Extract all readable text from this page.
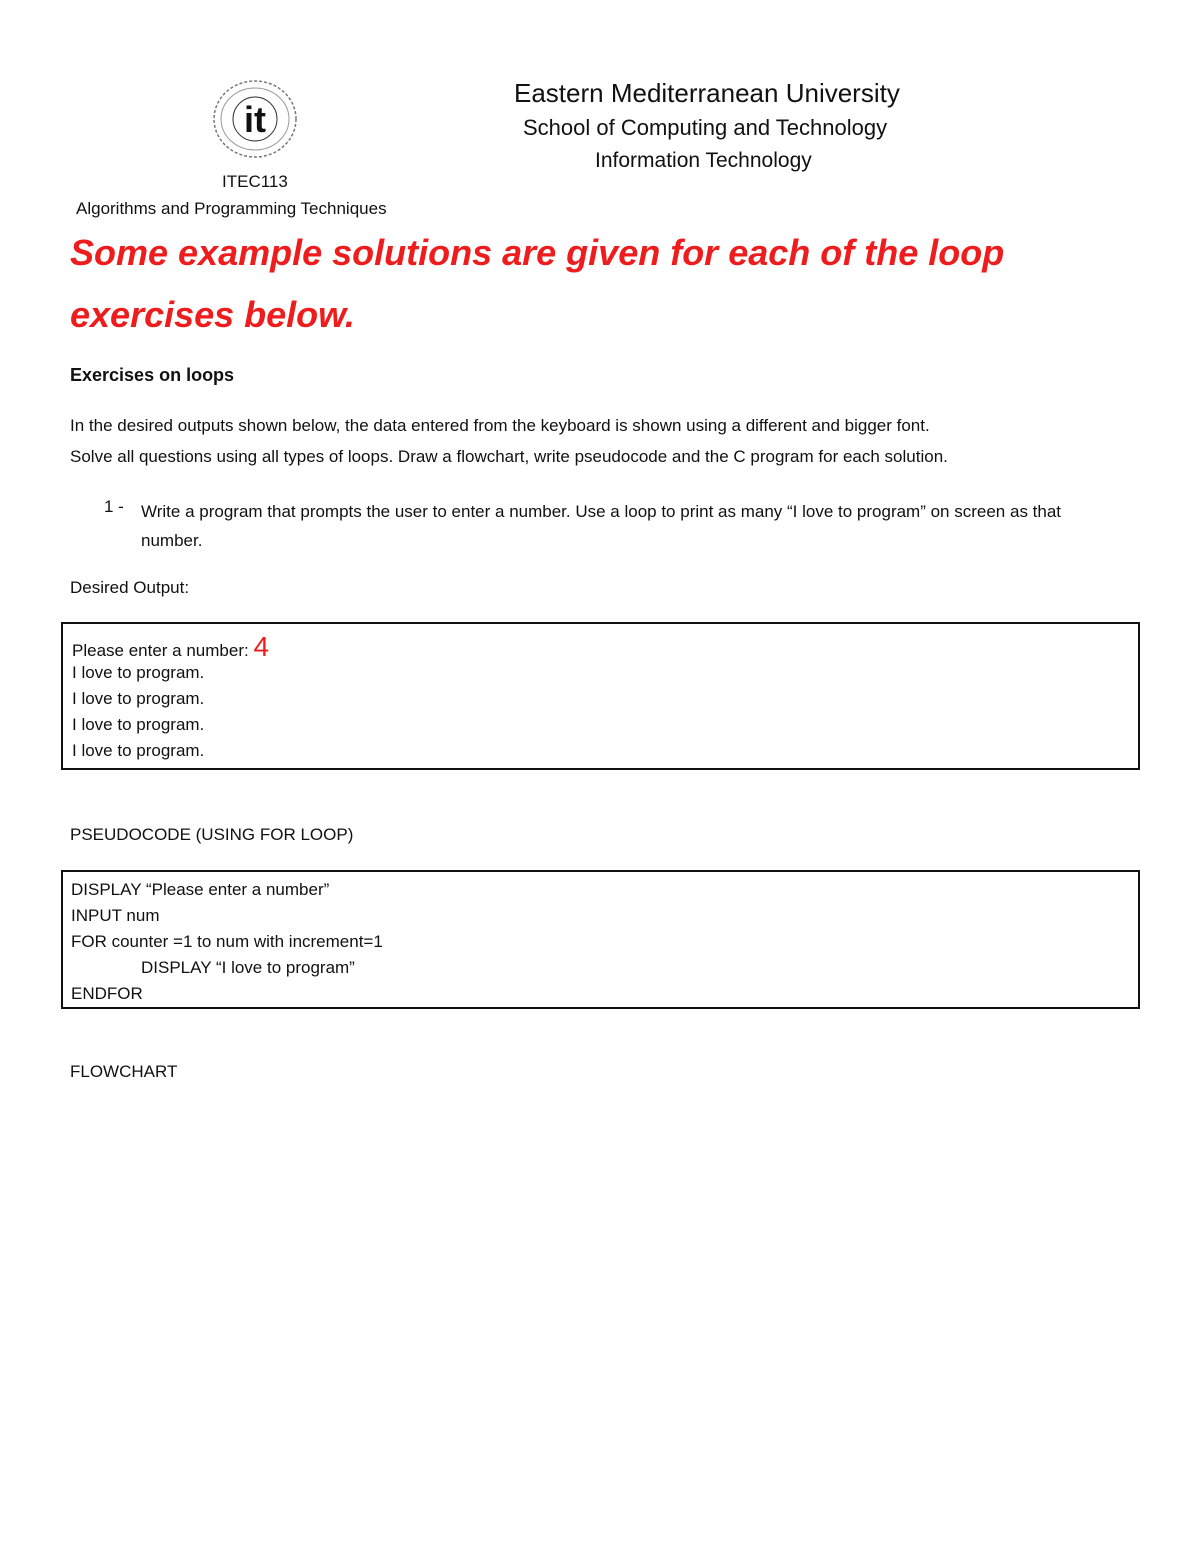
it
ITEC113
Algorithms and Programming Techniques
Eastern Mediterranean University
School of Computing and Technology
Information Technology
Some example solutions are given for each of the loop exercises below.
Exercises on loops
In the desired outputs shown below, the data entered from the keyboard is shown using a different and bigger font.
Solve all questions using all types of loops. Draw a flowchart, write pseudocode and the C program for each solution.
1 - Write a program that prompts the user to enter a number. Use a loop to print as many “I love to program” on screen as that number.
Desired Output:
Please enter a number: 4
I love to program.
I love to program.
I love to program.
I love to program.
PSEUDOCODE (USING FOR LOOP)
DISPLAY “Please enter a number”
INPUT num
FOR counter =1 to num with increment=1
DISPLAY “I love to program”
ENDFOR
FLOWCHART
